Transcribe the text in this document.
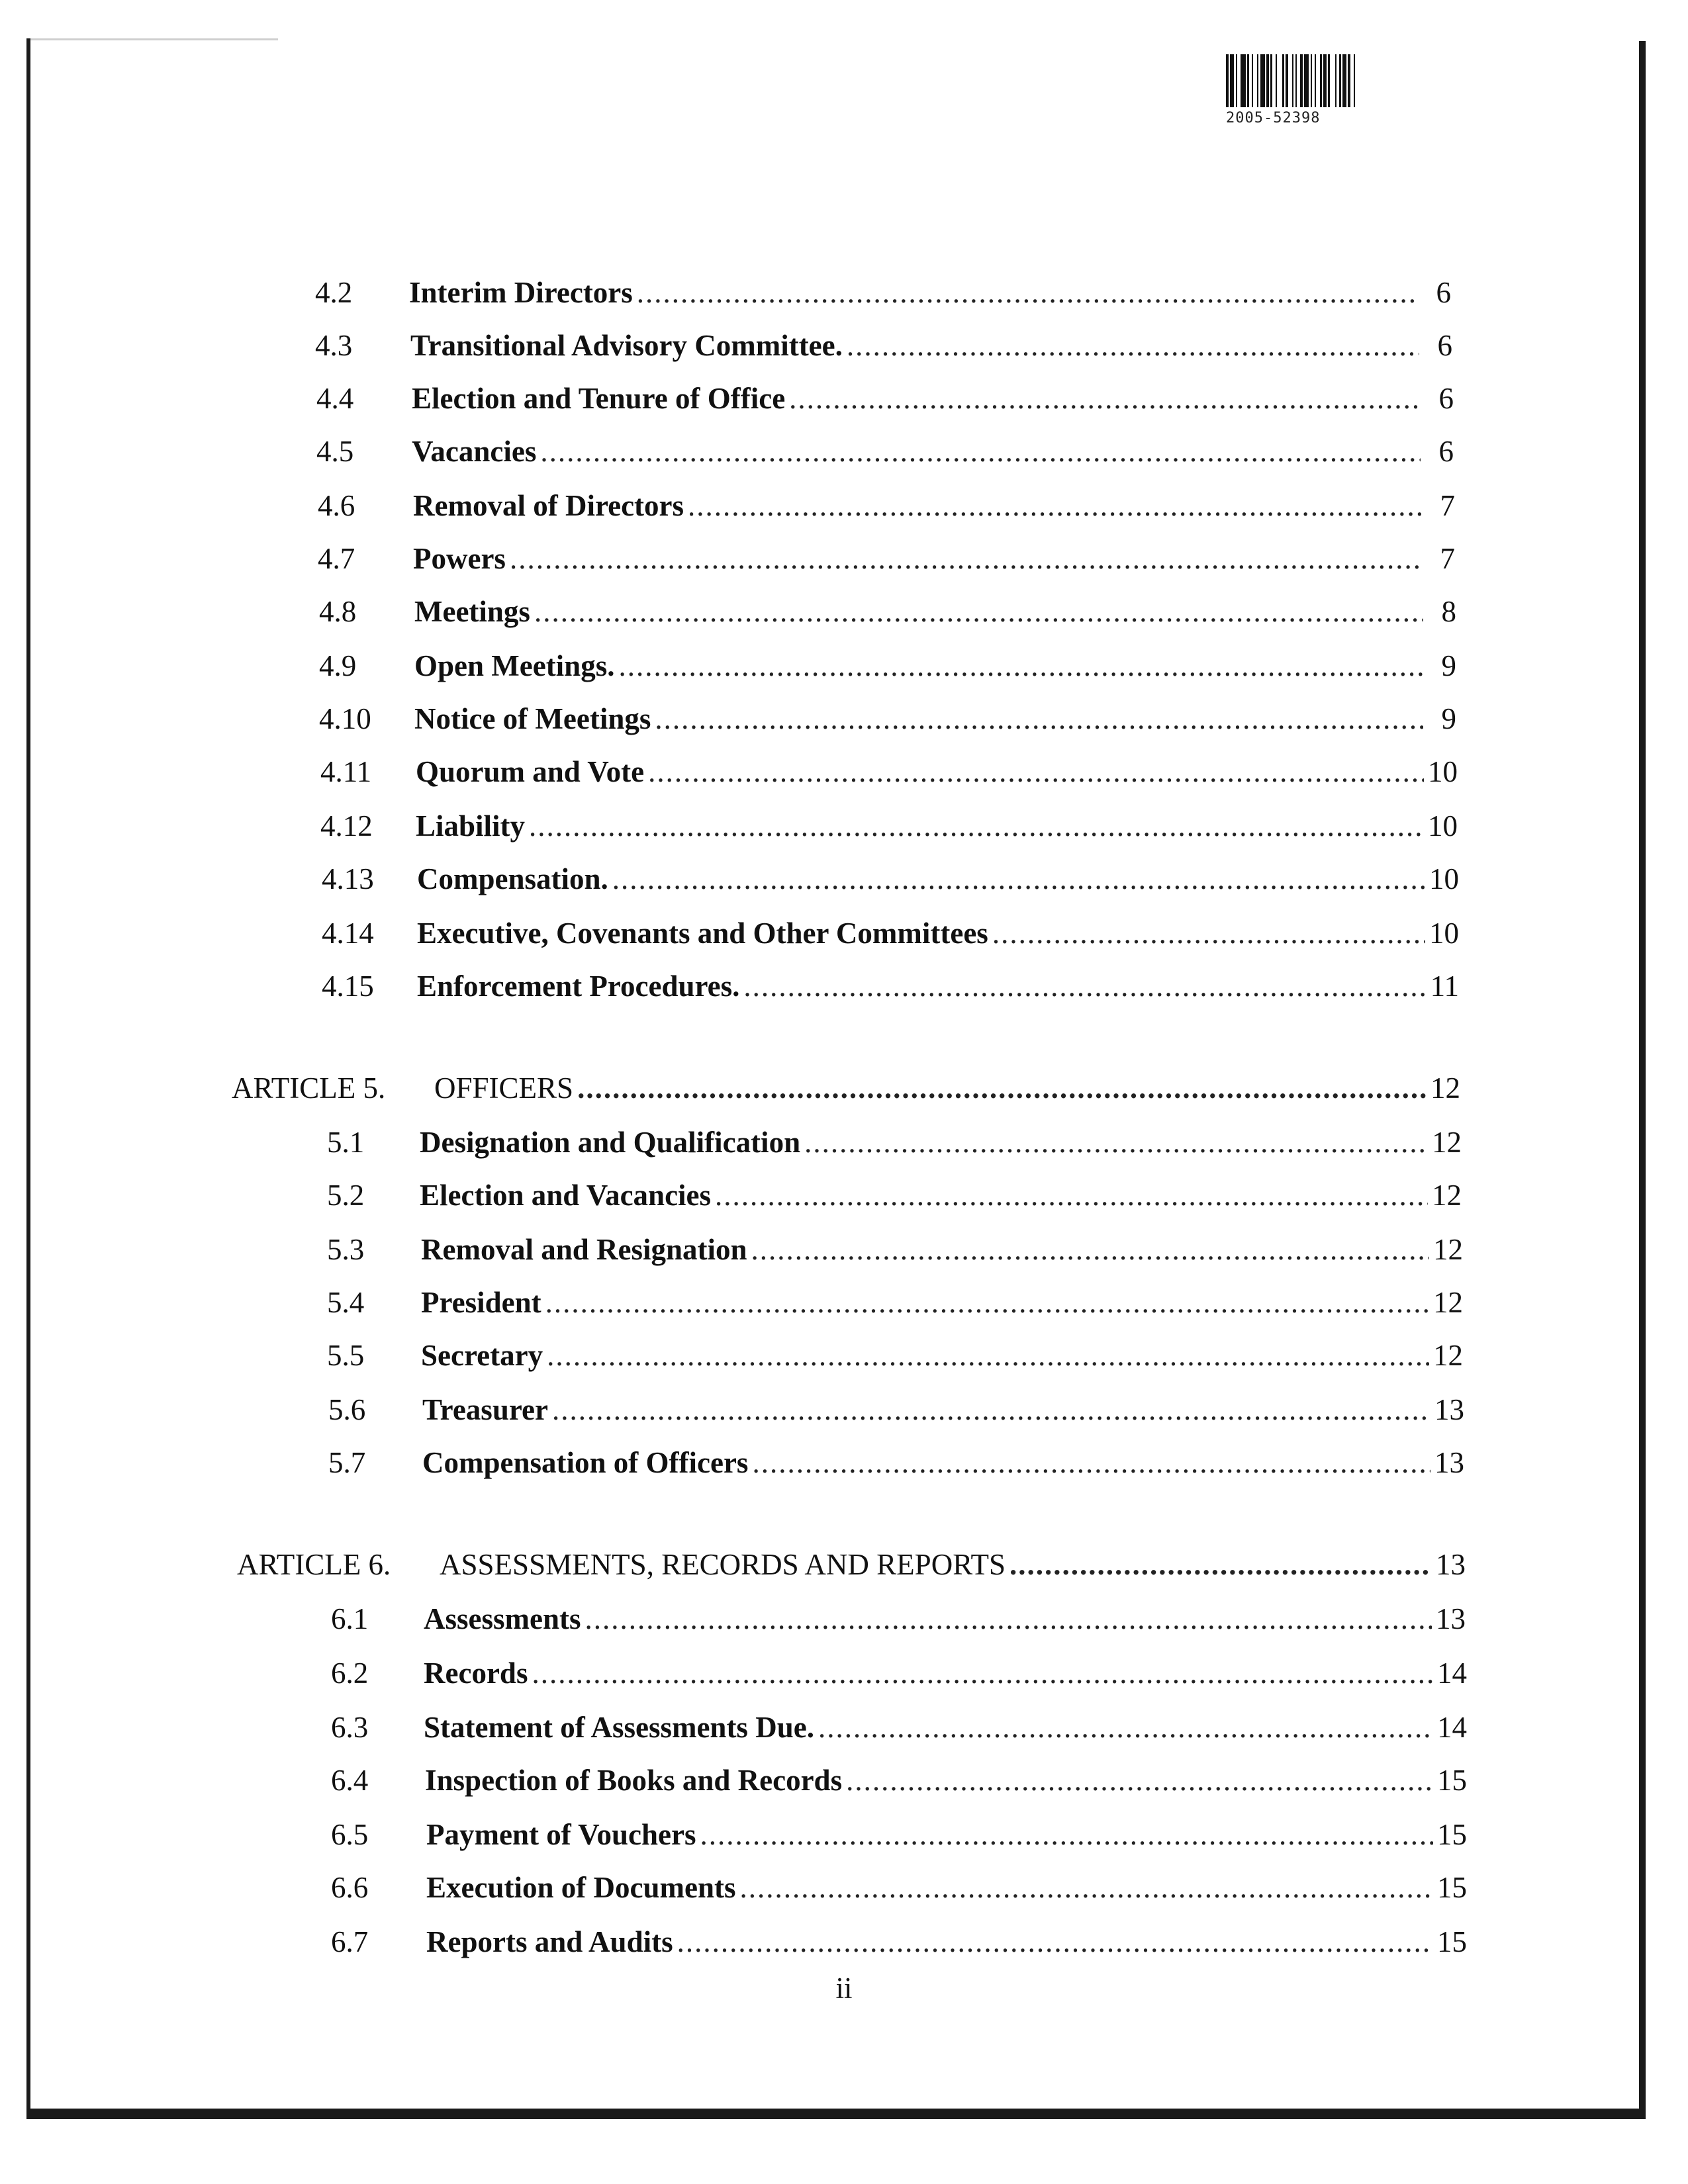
2005-52398
4.2 Interim Directors .....	6
4.3 Transitional Advisory Committee. .....	6
4.4 Election and Tenure of Office .....	6
4.5 Vacancies .....	6
4.6 Removal of Directors .....	7
4.7 Powers .....	7
4.8 Meetings .....	8
4.9 Open Meetings. .....	9
4.10 Notice of Meetings .....	9
4.11 Quorum and Vote .....	10
4.12 Liability .....	10
4.13 Compensation. .....	10
4.14 Executive, Covenants and Other Committees .....	10
4.15 Enforcement Procedures. .....	11
ARTICLE 5. OFFICERS .....	12
5.1 Designation and Qualification .....	12
5.2 Election and Vacancies .....	12
5.3 Removal and Resignation .....	12
5.4 President .....	12
5.5 Secretary .....	12
5.6 Treasurer .....	13
5.7 Compensation of Officers .....	13
ARTICLE 6. ASSESSMENTS, RECORDS AND REPORTS .....	13
6.1 Assessments .....	13
6.2 Records .....	14
6.3 Statement of Assessments Due. .....	14
6.4 Inspection of Books and Records .....	15
6.5 Payment of Vouchers .....	15
6.6 Execution of Documents .....	15
6.7 Reports and Audits .....	15
ii
